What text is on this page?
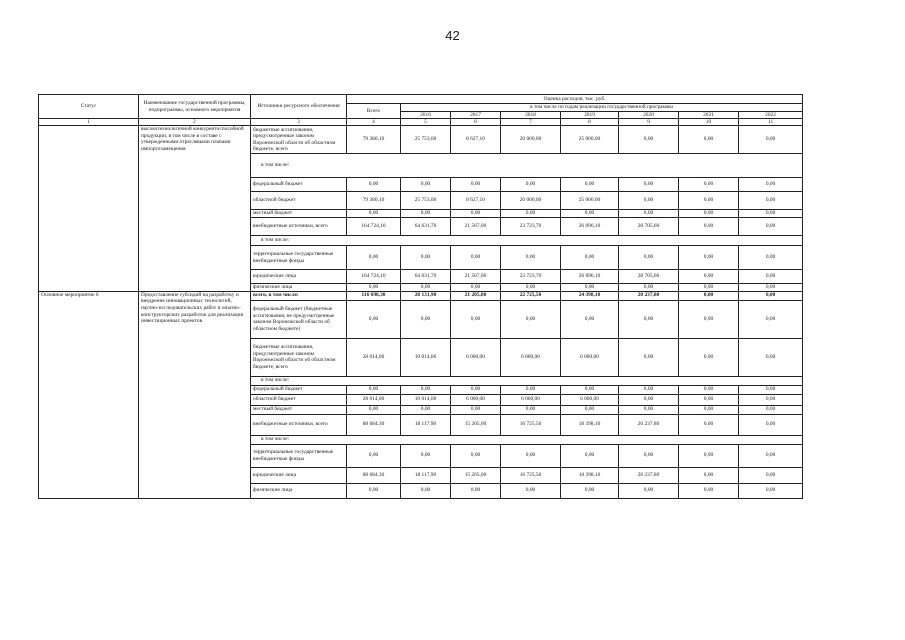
42
Статус	Наименование государственной программы, подпрограммы, основного мероприятия	Источники ресурсного обеспечения	Оценка расходов, тыс. руб.							
			Всего	в том числе по годам реализации государственной программы						
				2016	2017	2018	2019	2020	2021	2022
1	2	3	4	5	6	7	8	9	10	11
	высокотехнологичной конкурентоспособной продукции, в том числе в составе с утвержденными отраслевыми планами импортозамещения	бюджетные ассигнования, предусмотренные законом Воронежской области об областном бюджете, всего	79 380,10	25 753,00	8 627,10	20 000,00	25 000,00	0,00	0,00	0,00
		в том числе:								
		федеральный бюджет	0,00	0,00	0,00	0,00	0,00	0,00	0,00	0,00
		областной бюджет	79 380,10	25 753,00	8 627,10	20 000,00	25 000,00	0,00	0,00	0,00
		местный бюджет	0,00	0,00	0,00	0,00	0,00	0,00	0,00	0,00
		внебюджетные источники, всего	164 724,10	64 631,70	21 567,00	23 723,70	26 096,10	28 705,60	0,00	0,00
		в том числе:								
		территориальные государственные внебюджетные фонды	0,00	0,00	0,00	0,00	0,00	0,00	0,00	0,00
		юридические лица	164 724,10	64 631,70	21 567,00	23 723,70	26 096,10	28 705,60	0,00	0,00
		физические лица	0,00	0,00	0,00	0,00	0,00	0,00	0,00	0,00
Основное мероприятие 6	Предоставление субсидий на разработку и внедрение инновационных технологий, научно-исследовательских работ и опытно-конструкторских разработок для реализации инвестиционных проектов	всего, в том числе:	116 698,30	28 131,90	21 205,00	22 725,50	24 398,10	20 237,80	0,00	0,00
		федеральный бюджет (бюджетные ассигнования, не предусмотренные законом Воронежской области об областном бюджете)	0,00	0,00	0,00	0,00	0,00	0,00	0,00	0,00
		бюджетные ассигнования, предусмотренные законом Воронежской области об областном бюджете, всего	28 014,00	10 014,00	6 000,00	6 000,00	6 000,00	0,00	0,00	0,00
		в том числе:								
		федеральный бюджет	0,00	0,00	0,00	0,00	0,00	0,00	0,00	0,00
		областной бюджет	28 014,00	10 014,00	6 000,00	6 000,00	6 000,00	0,00	0,00	0,00
		местный бюджет	0,00	0,00	0,00	0,00	0,00	0,00	0,00	0,00
		внебюджетные источники, всего	88 684,30	18 117,90	15 205,00	16 725,50	18 398,10	20 237,80	0,00	0,00
		в том числе:								
		территориальные государственные внебюджетные фонды	0,00	0,00	0,00	0,00	0,00	0,00	0,00	0,00
		юридические лица	88 684,30	18 117,90	15 205,00	16 725,50	18 398,10	20 237,80	0,00	0,00
		физические лица	0,00	0,00	0,00	0,00	0,00	0,00	0,00	0,00
